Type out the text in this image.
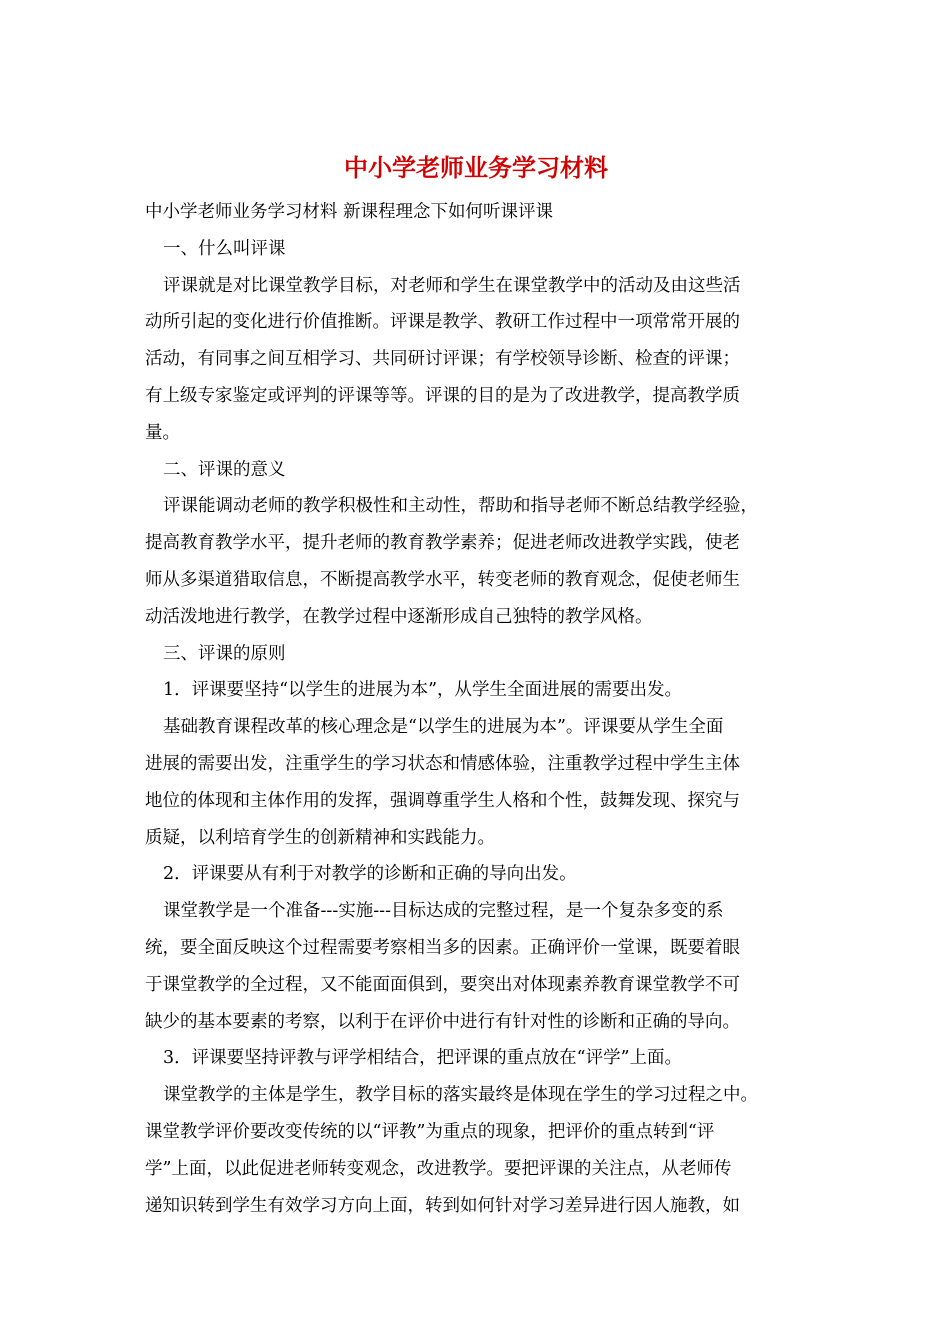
中小学老师业务学习材料

中小学老师业务学习材料 新课程理念下如何听课评课

一、什么叫评课

评课就是对比课堂教学目标，对老师和学生在课堂教学中的活动及由这些活

动所引起的变化进行价值推断。评课是教学、教研工作过程中一项常常开展的

活动，有同事之间互相学习、共同研讨评课；有学校领导诊断、检查的评课；

有上级专家鉴定或评判的评课等等。评课的目的是为了改进教学，提高教学质

量。

二、评课的意义

评课能调动老师的教学积极性和主动性，帮助和指导老师不断总结教学经验，

提高教育教学水平，提升老师的教育教学素养；促进老师改进教学实践，使老

师从多渠道猎取信息，不断提高教学水平，转变老师的教育观念，促使老师生

动活泼地进行教学，在教学过程中逐渐形成自己独特的教学风格。

三、评课的原则

1．评课要坚持“以学生的进展为本”，从学生全面进展的需要出发。

基础教育课程改革的核心理念是“以学生的进展为本”。评课要从学生全面

进展的需要出发，注重学生的学习状态和情感体验，注重教学过程中学生主体

地位的体现和主体作用的发挥，强调尊重学生人格和个性，鼓舞发现、探究与

质疑，以利培育学生的创新精神和实践能力。

2．评课要从有利于对教学的诊断和正确的导向出发。

课堂教学是一个准备---实施---目标达成的完整过程，是一个复杂多变的系

统，要全面反映这个过程需要考察相当多的因素。正确评价一堂课，既要着眼

于课堂教学的全过程，又不能面面俱到，要突出对体现素养教育课堂教学不可

缺少的基本要素的考察，以利于在评价中进行有针对性的诊断和正确的导向。

3．评课要坚持评教与评学相结合，把评课的重点放在“评学”上面。

课堂教学的主体是学生，教学目标的落实最终是体现在学生的学习过程之中。

课堂教学评价要改变传统的以“评教”为重点的现象，把评价的重点转到“评

学”上面，以此促进老师转变观念，改进教学。要把评课的关注点，从老师传

递知识转到学生有效学习方向上面，转到如何针对学习差异进行因人施教，如
